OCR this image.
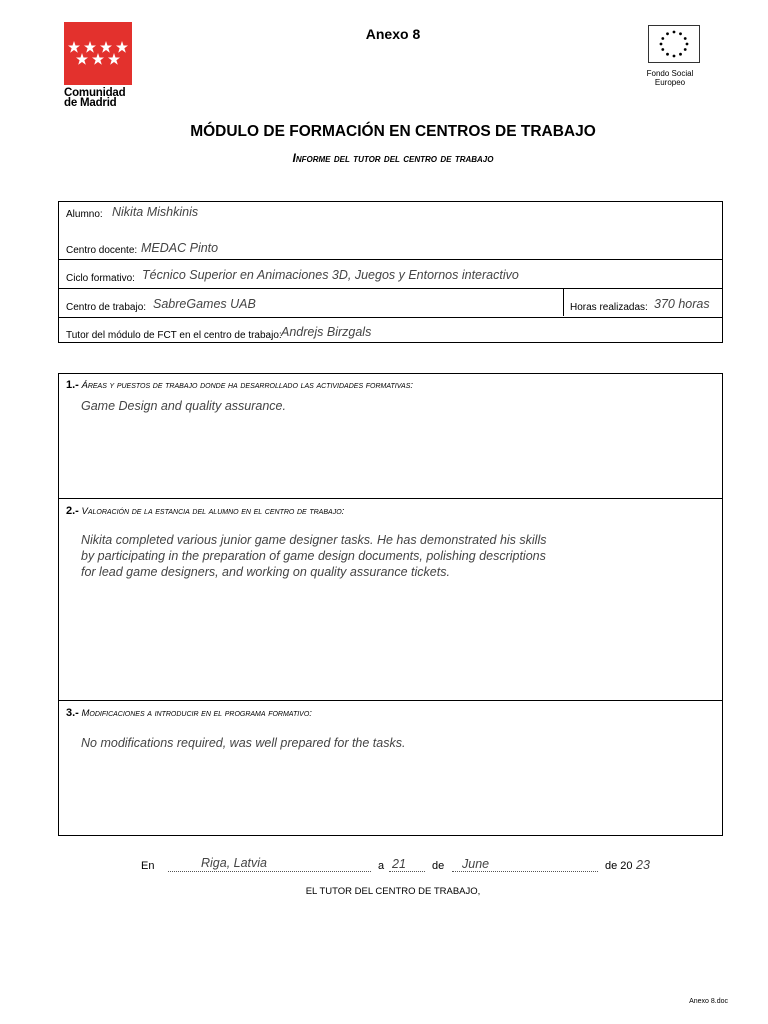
Comunidad
de Madrid
Anexo 8
Fondo Social
Europeo
MÓDULO DE FORMACIÓN EN CENTROS DE TRABAJO
Informe del tutor del centro de trabajo
Alumno: Nikita Mishkinis
Centro docente: MEDAC Pinto
Ciclo formativo: Técnico Superior en Animaciones 3D, Juegos y Entornos interactivo
Centro de trabajo: SabreGames UAB	Horas realizadas: 370 horas
Tutor del módulo de FCT en el centro de trabajo: Andrejs Birzgals
1.- Áreas y puestos de trabajo donde ha desarrollado las actividades formativas:
Game Design and quality assurance.
2.- Valoración de la estancia del alumno en el centro de trabajo:
Nikita completed various junior game designer tasks. He has demonstrated his skills
by participating in the preparation of game design documents, polishing descriptions
for lead game designers, and working on quality assurance tickets.
3.- Modificaciones a introducir en el programa formativo:
No modifications required, was well prepared for the tasks.
En	Riga, Latvia	a 21 de June	de 20 23
EL TUTOR DEL CENTRO DE TRABAJO,
Anexo 8.doc
